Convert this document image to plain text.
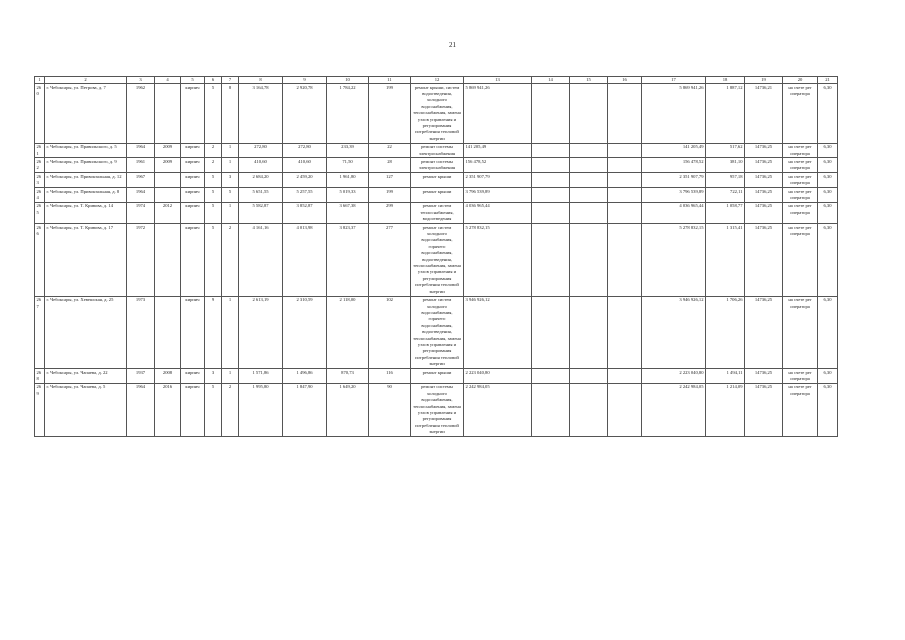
21
1	2	3	4	5	6	7	8	9	10	11	12	13	14	15	16	17	18	19	20	21
260	г. Чебоксары, ул. Петрова, д. 7	1962		кирпич	5	8	3 164,78	2 920,78	1 784,22	199	ремонт крыши, систем водоотведения, холодного водоснабжения, теплоснабжения, замена узлов управления и регулирования потребления тепловой энергии	5 869 941,26				5 869 941,26	1 887,12	14736,21	на счете рег оператора	6,30
261	г. Чебоксары, ул. Правильского, д. 5	1964	2009	кирпич	2	1	272,80	272,80	233,39	22	ремонт системы электроснабжения	141 205,49				141 205,49	517,62	14736,25	на счете рег оператора	6,30
262	г. Чебоксары, ул. Правильского, д. 9	1961	2009	кирпич	2	1	410,60	410,60	71,50	28	ремонт системы электроснабжения	156 478,52				156 478,52	381,10	14736,25	на счете рег оператора	6,30
263	г. Чебоксары, ул. Привокзальная, д. 12	1967		кирпич	5	3	2 684,20	2 459,20	1 961,80	127	ремонт крыши	2 351 907,79				2 351 907,79	957,18	14736,25	на счете рег оператора	6,30
264	г. Чебоксары, ул. Привокзальная, д. 8	1964		кирпич	5	5	5 651,55	5 257,55	5 019,33	199	ремонт крыши	3 796 539,89				3 796 539,89	722,11	14736,25	на счете рег оператора	6,30
265	г. Чебоксары, ул. Т. Кривова, д. 14	1974	2012	кирпич	5	1	5 582,87	3 852,87	3 667,38	299	ремонт систем теплоснабжения, водоотведения	4 036 965,44				4 036 965,44	1 058,77	14736,25	на счете рег оператора	6,30
266	г. Чебоксары, ул. Т. Кривова, д. 17	1972		кирпич	5	2	4 161,16	4 013,98	3 823,37	277	ремонт систем холодного водоснабжения, горячего водоснабжения, водоотведения, теплоснабжения, замена узлов управления и регулирования потребления тепловой энергии	5 278 832,15				5 278 832,15	1 315,41	14736,25	на счете рег оператора	6,30
267	г. Чебоксары, ул. Хевешская, д. 25	1973		кирпич	9	1	2 613,19	2 310,59	2 118,00	102	ремонт систем холодного водоснабжения, горячего водоснабжения, водоотведения, теплоснабжения, замена узлов управления и регулирования потребления тепловой энергии	3 946 926,12				3 946 926,12	1 706,26	14736,25	на счете рег оператора	6,30
268	г. Чебоксары, ул. Чапаева, д. 22	1937	2008	кирпич	3	1	1 571,86	1 496,86	870,73	116	ремонт крыши	2 223 040,80				2 223 040,80	1 494,11	14736,25	на счете рег оператора	6,30
269	г. Чебоксары, ул. Чапаева, д. 5	1964	2016	кирпич	5	2	1 995,80	1 847,90	1 649,20	90	ремонт системы холодного водоснабжения, теплоснабжения, замена узлов управления и регулирования потребления тепловой энергии	2 242 984,05				2 242 984,05	1 214,09	14736,25	на счете рег оператора	6,30
